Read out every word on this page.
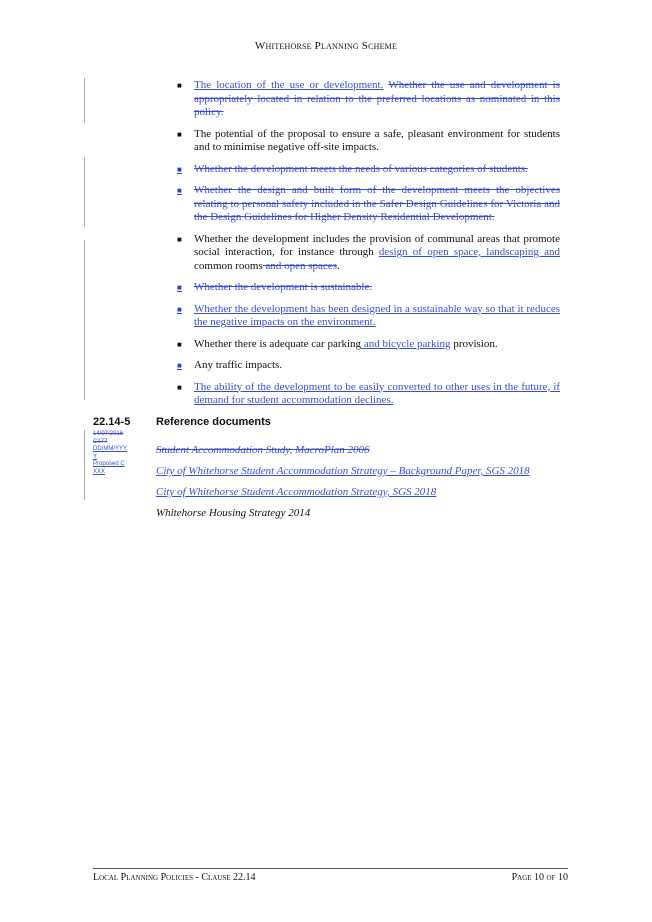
Whitehorse Planning Scheme
■ The location of the use or development. Whether the use and development is appropriately located in relation to the preferred locations as nominated in this policy.
■ The potential of the proposal to ensure a safe, pleasant environment for students and to minimise negative off-site impacts.
■ Whether the development meets the needs of various categories of students.
■ Whether the design and built form of the development meets the objectives relating to personal safety included in the Safer Design Guidelines for Victoria and the Design Guidelines for Higher Density Residential Development.
■ Whether the development includes the provision of communal areas that promote social interaction, for instance through design of open space, landscaping and common rooms and open spaces.
■ Whether the development is sustainable.
■ Whether the development has been designed in a sustainable way so that it reduces the negative impacts on the environment.
■ Whether there is adequate car parking and bicycle parking provision.
■ Any traffic impacts.
■ The ability of the development to be easily converted to other uses in the future, if demand for student accommodation declines.
22.14-5 Reference documents
14/07/2016
C177
DD/MM/YYYY
Proposed CXXX
Student Accommodation Study, MacroPlan 2006
City of Whitehorse Student Accommodation Strategy – Background Paper, SGS 2018
City of Whitehorse Student Accommodation Strategy, SGS 2018
Whitehorse Housing Strategy 2014
Local Planning Policies - Clause 22.14	Page 10 of 10
